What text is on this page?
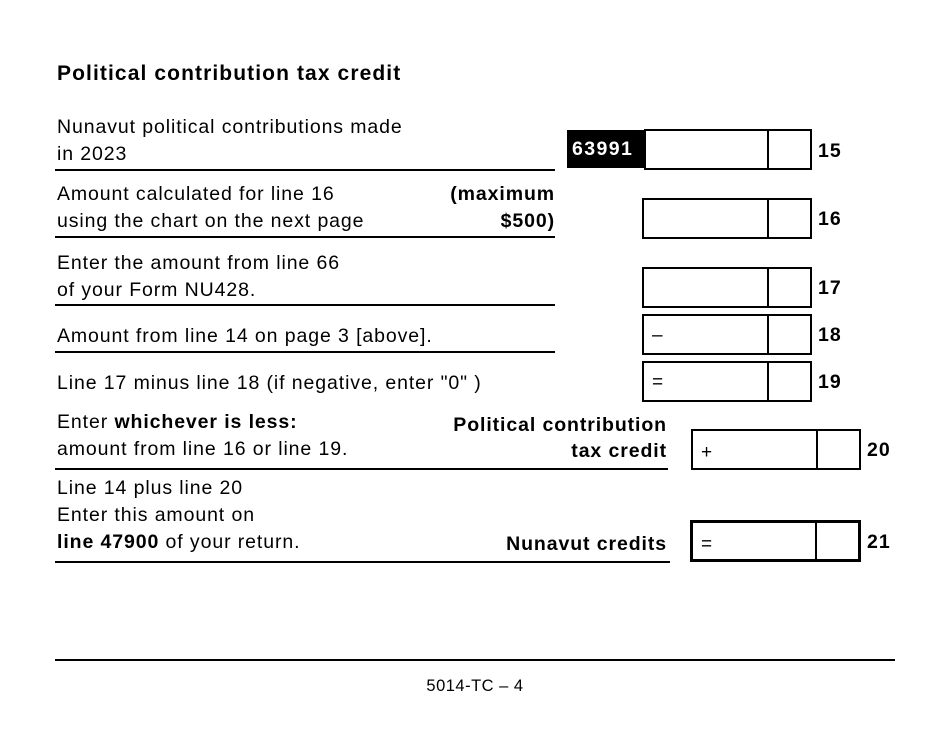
Political contribution tax credit
Nunavut political contributions made
in 2023	63991	15
Amount calculated for line 16
using the chart on the next page
(maximum
$500)	16
Enter the amount from line 66
of your Form NU428.	17
Amount from line 14 on page 3 [above].	–	18
Line 17 minus line 18 (if negative, enter "0" )	=	19
Enter whichever is less:
amount from line 16 or line 19.
Political contribution
tax credit +	20
Line 14 plus line 20
Enter this amount on
line 47900 of your return.	Nunavut credits =	21
5014-TC – 4
